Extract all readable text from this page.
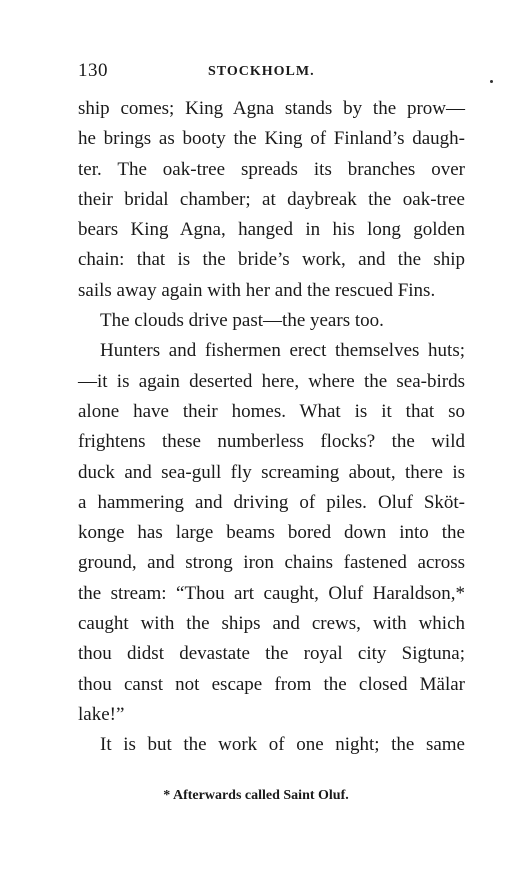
130	STOCKHOLM.
ship comes; King Agna stands by the prow—
he brings as booty the King of Finland’s daugh-
ter. The oak-tree spreads its branches over
their bridal chamber; at daybreak the oak-tree
bears King Agna, hanged in his long golden
chain: that is the bride’s work, and the ship
sails away again with her and the rescued Fins.
The clouds drive past—the years too.
Hunters and fishermen erect themselves huts;
—it is again deserted here, where the sea-birds
alone have their homes. What is it that so
frightens these numberless flocks? the wild
duck and sea-gull fly screaming about, there is
a hammering and driving of piles. Oluf Sköt-
konge has large beams bored down into the
ground, and strong iron chains fastened across
the stream: “Thou art caught, Oluf Haraldson,*
caught with the ships and crews, with which
thou didst devastate the royal city Sigtuna;
thou canst not escape from the closed Mälar
lake!”
It is but the work of one night; the same
* Afterwards called Saint Oluf.
